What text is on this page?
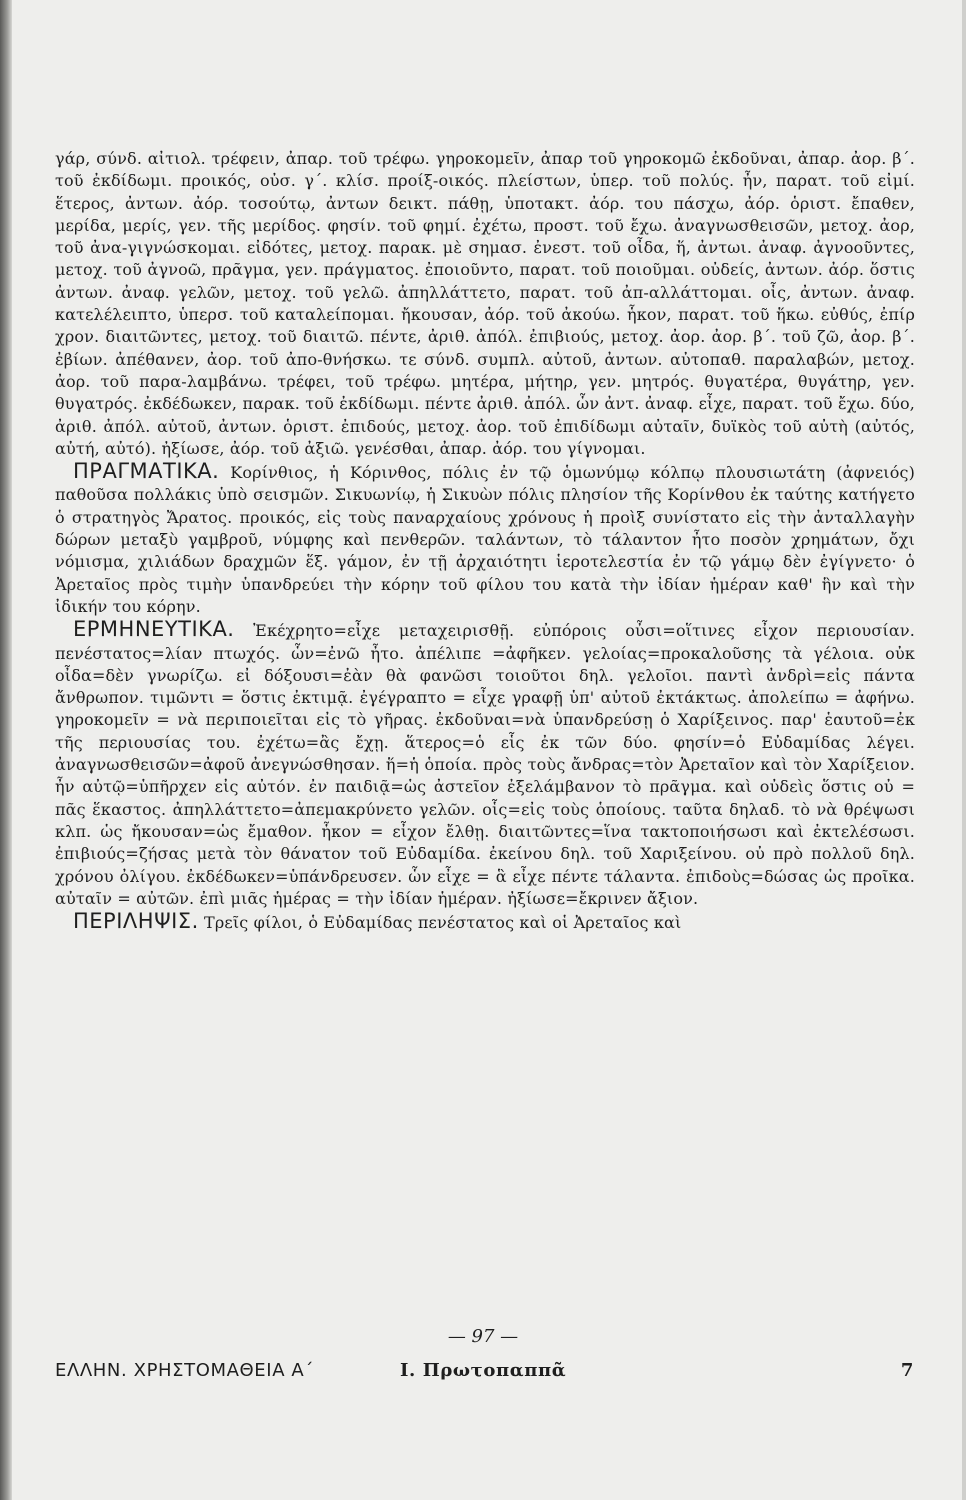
γάρ, σύνδ. αἰτιολ. τρέφειν, ἀπαρ. τοῦ τρέφω. γηροκομεῖν, ἀπαρ τοῦ γηροκομῶ ἐκδοῦναι, ἀπαρ. ἀορ. β΄. τοῦ ἐκδίδωμι. προικός, οὐσ. γ΄. κλίσ. προίξ-οικός. πλείστων, ὑπερ. τοῦ πολύς. ἦν, παρατ. τοῦ εἰμί. ἕτερος, ἀντων. ἀόρ. τοσούτῳ, ἀντων δεικτ. πάθῃ, ὑποτακτ. ἀόρ. του πάσχω, ἀόρ. ὁριστ. ἔπαθεν, μερίδα, μερίς, γεν. τῆς μερίδος. φησίν. τοῦ φημί. ἐχέτω, προστ. τοῦ ἔχω. ἀναγνωσθεισῶν, μετοχ. ἀορ, τοῦ ἀνα-γιγνώσκομαι. εἰδότες, μετοχ. παρακ. μὲ σημασ. ἐνεστ. τοῦ οἶδα, ἥ, ἀντωι. ἀναφ. ἀγνοοῦντες, μετοχ. τοῦ ἀγνοῶ, πρᾶγμα, γεν. πράγματος. ἐποιοῦντο, παρατ. τοῦ ποιοῦμαι. οὐδείς, ἀντων. ἀόρ. ὅστις ἀντων. ἀναφ. γελῶν, μετοχ. τοῦ γελῶ. ἀπηλλάττετο, παρατ. τοῦ ἀπ-αλλάττομαι. οἷς, ἀντων. ἀναφ. κατελέλειπτο, ὑπερσ. τοῦ καταλείπομαι. ἤκουσαν, ἀόρ. τοῦ ἀκούω. ἧκον, παρατ. τοῦ ἥκω. εὐθύς, ἐπίρ χρον. διαιτῶντες, μετοχ. τοῦ διαιτῶ. πέντε, ἀριθ. ἀπόλ. ἐπιβιούς, μετοχ. ἀορ. ἀορ. β΄. τοῦ ζῶ, ἀορ. β΄. ἐβίων. ἀπέθανεν, ἀορ. τοῦ ἀπο-θνήσκω. τε σύνδ. συμπλ. αὐτοῦ, ἀντων. αὐτοπαθ. παραλαβών, μετοχ. ἀορ. τοῦ παρα-λαμβάνω. τρέφει, τοῦ τρέφω. μητέρα, μήτηρ, γεν. μητρός. θυγατέρα, θυγάτηρ, γεν. θυγατρός. ἐκδέδωκεν, παρακ. τοῦ ἐκδίδωμι. πέντε ἀριθ. ἀπόλ. ὧν ἀντ. ἀναφ. εἶχε, παρατ. τοῦ ἔχω. δύο, ἀριθ. ἀπόλ. αὐτοῦ, ἀντων. ὁριστ. ἐπιδούς, μετοχ. ἀορ. τοῦ ἐπιδίδωμι αὐταῖν, δυϊκὸς τοῦ αὐτὴ (αὐτός, αὐτή, αὐτό). ἠξίωσε, ἀόρ. τοῦ ἀξιῶ. γενέσθαι, ἀπαρ. ἀόρ. του γίγνομαι.

ΠΡΑΓΜΑΤΙΚΑ. Κορίνθιος, ἡ Κόρινθος, πόλις ἐν τῷ ὁμωνύμῳ κόλπῳ πλουσιωτάτη (ἀφνειός) παθοῦσα πολλάκις ὑπὸ σεισμῶν. Σικυωνίῳ, ἡ Σικυὼν πόλις πλησίον τῆς Κορίνθου ἐκ ταύτης κατήγετο ὁ στρατηγὸς Ἄρατος. προικός, εἰς τοὺς παναρχαίους χρόνους ἡ προὶξ συνίστατο εἰς τὴν ἀνταλλαγὴν δώρων μεταξὺ γαμβροῦ, νύμφης καὶ πενθερῶν. ταλάντων, τὸ τάλαντον ἦτο ποσὸν χρημάτων, ὄχι νόμισμα, χιλιάδων δραχμῶν ἕξ. γάμον, ἐν τῇ ἀρχαιότητι ἱεροτελεστία ἐν τῷ γάμῳ δὲν ἐγίγνετο· ὁ Ἀρεταῖος πρὸς τιμὴν ὑπανδρεύει τὴν κόρην τοῦ φίλου του κατὰ τὴν ἰδίαν ἡμέραν καθ' ἣν καὶ τὴν ἰδικήν του κόρην.

ΕΡΜΗΝΕΥΤΙΚΑ. Ἐκέχρητο=εἶχε μεταχειρισθῇ. εὐπόροις οὖσι=οἵτινες εἶχον περιουσίαν. πενέστατος=λίαν πτωχός. ὧν=ἐνῶ ἦτο. ἀπέλιπε =ἀφῆκεν. γελοίας=προκαλοῦσης τὰ γέλοια. οὐκ οἶδα=δὲν γνωρίζω. εἰ δόξουσι=ἐὰν θὰ φανῶσι τοιοῦτοι δηλ. γελοῖοι. παντὶ ἀνδρὶ=εἰς πάντα ἄνθρωπον. τιμῶντι = ὅστις ἐκτιμᾷ. ἐγέγραπτο = εἶχε γραφῇ ὑπ' αὐτοῦ ἐκτάκτως. ἀπολείπω = ἀφήνω. γηροκομεῖν = νὰ περιποιεῖται εἰς τὸ γῆρας. ἐκδοῦναι=νὰ ὑπανδρεύσῃ ὁ Χαρίξεινος. παρ' ἑαυτοῦ=ἐκ τῆς περιουσίας του. ἐχέτω=ἂς ἔχῃ. ἅτερος=ὁ εἷς ἐκ τῶν δύο. φησίν=ὁ Εὐδαμίδας λέγει. ἀναγνωσθεισῶν=ἀφοῦ ἀνεγνώσθησαν. ἥ=ἡ ὁποία. πρὸς τοὺς ἄνδρας=τὸν Ἀρεταῖον καὶ τὸν Χαρίξειον. ἦν αὐτῷ=ὑπῆρχεν εἰς αὐτόν. ἐν παιδιᾷ=ὡς ἀστεῖον ἐξελάμβανον τὸ πρᾶγμα. καὶ οὐδεὶς ὅστις οὐ = πᾶς ἕκαστος. ἀπηλλάττετο=ἀπεμακρύνετο γελῶν. οἷς=εἰς τοὺς ὁποίους. ταῦτα δηλαδ. τὸ νὰ θρέψωσι κλπ. ὡς ἤκουσαν=ὡς ἔμαθον. ἧκον = εἶχον ἔλθῃ. διαιτῶντες=ἵνα τακτοποιήσωσι καὶ ἐκτελέσωσι. ἐπιβιούς=ζήσας μετὰ τὸν θάνατον τοῦ Εὐδαμίδα. ἐκείνου δηλ. τοῦ Χαριξείνου. οὐ πρὸ πολλοῦ δηλ. χρόνου ὀλίγου. ἐκδέδωκεν=ὑπάνδρευσεν. ὧν εἶχε = ἃ εἶχε πέντε τάλαντα. ἐπιδοὺς=δώσας ὡς προῖκα. αὐταῖν = αὐτῶν. ἐπὶ μιᾶς ἡμέρας = τὴν ἰδίαν ἡμέραν. ἠξίωσε=ἔκρινεν ἄξιον.

ΠΕΡΙΛΗΨΙΣ. Τρεῖς φίλοι, ὁ Εὐδαμίδας πενέστατος καὶ οἱ Ἀρεταῖος καὶ

— 97 —
ΕΛΛΗΝ. ΧΡΗΣΤΟΜΑΘΕΙΑ Α΄	Ι. Πρωτοπαππᾶ	7
